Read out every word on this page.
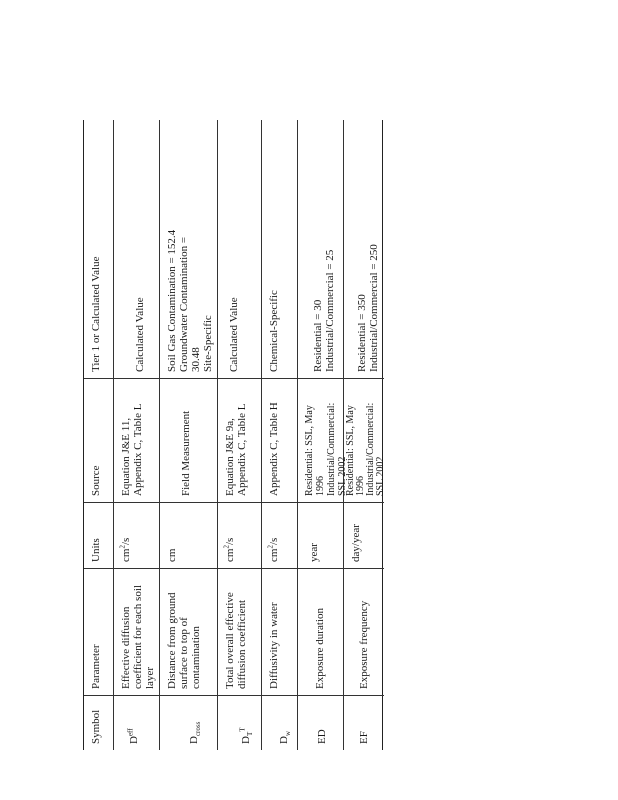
Symbol
Parameter
Units
Source
Tier 1 or Calculated Value
$D^{eff}$
Effective diffusion coefficient for each soil layer
$cm^2/s$
Equation J&E 11, Appendix C, Table L
Calculated Value
$D_{cross}$
Distance from ground surface to top of contamination
cm
Field Measurement
Soil Gas Contamination = 152.4 Groundwater Contamination = 30.48 Site-Specific
$D_T^T$
Total overall effective diffusion coefficient
$cm^2/s$
Equation J&E 9a, Appendix C, Table L
Calculated Value
$D_w$
Diffusivity in water
$cm^2/s$
Appendix C, Table H
Chemical-Specific
ED
Exposure duration
year
Residential: SSL, May 1996 Industrial/Commercial: SSL 2002
Residential = 30 Industrial/Commercial = 25
EF
Exposure frequency
day/year
Residential: SSL, May 1996 Industrial/Commercial: SSL 2002
Residential = 350 Industrial/Commercial = 250
